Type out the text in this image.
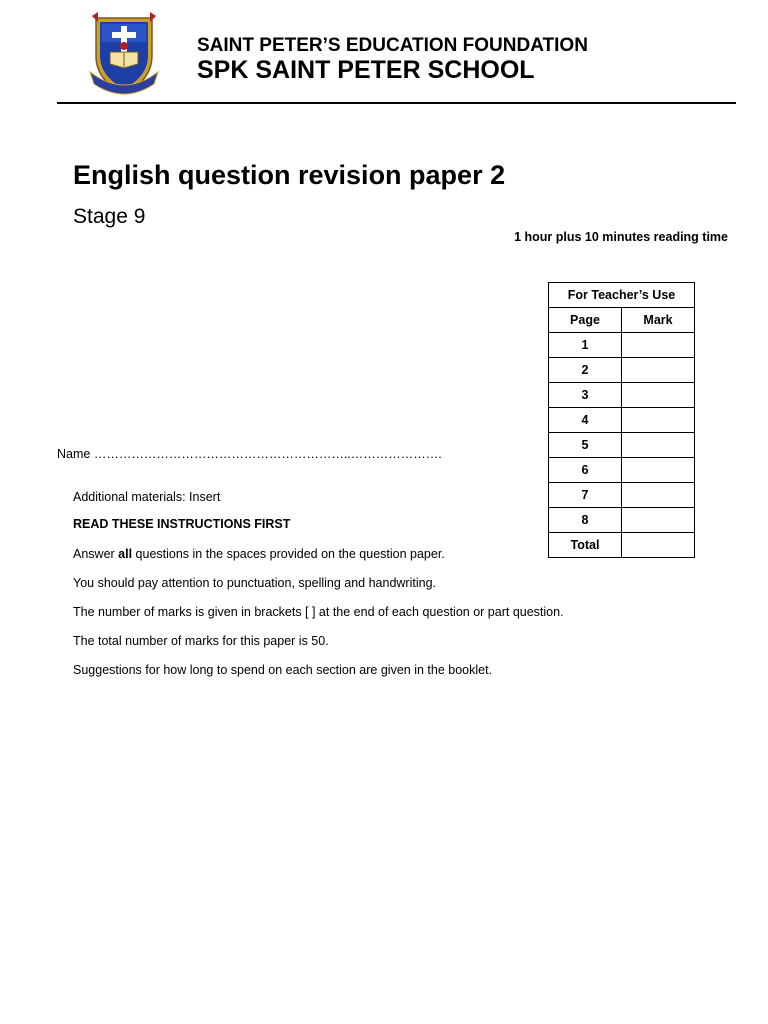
SAINT PETER’S EDUCATION FOUNDATION
SPK SAINT PETER SCHOOL
English question revision paper 2
Stage 9
1 hour plus 10 minutes reading time
For Teacher’s Use	
Page	Mark
1	
2	
3	
4	
5	
6	
7	
8	
Total	
Name ……………………………………………………..………………….
Additional materials: Insert
READ THESE INSTRUCTIONS FIRST
Answer all questions in the spaces provided on the question paper.
You should pay attention to punctuation, spelling and handwriting.
The number of marks is given in brackets [ ] at the end of each question or part question.
The total number of marks for this paper is 50.
Suggestions for how long to spend on each section are given in the booklet.
